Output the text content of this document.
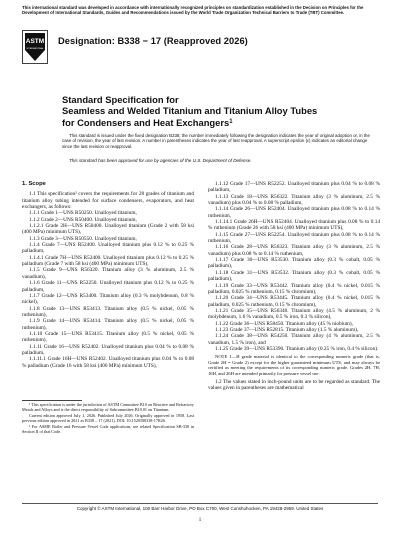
This international standard was developed in accordance with internationally recognized principles on standardization established in the Decision on Principles for the Development of International Standards, Guides and Recommendations issued by the World Trade Organization Technical Barriers to Trade (TBT) Committee.
ASTM
INTERNATIONAL
Designation: B338 − 17 (Reapproved 2026)
Standard Specification for
Seamless and Welded Titanium and Titanium Alloy Tubes
for Condensers and Heat Exchangers$^1$
This standard is issued under the fixed designation B338; the number immediately following the designation indicates the year of original adoption or, in the case of revision, the year of last revision. A number in parentheses indicates the year of last reapproval. A superscript epsilon (ε) indicates an editorial change since the last revision or reapproval.
This standard has been approved for use by agencies of the U.S. Department of Defense.
1. Scope

1.1 This specification² covers the requirements for 28 grades of titanium and titanium alloy tubing intended for surface condensers, evaporators, and heat exchangers, as follows:

1.1.1 Grade 1—UNS R50250. Unalloyed titanium,

1.1.2 Grade 2—UNS R50400. Unalloyed titanium,

1.1.2.1 Grade 2H—UNS R50400. Unalloyed titanium (Grade 2 with 58 ksi (400 MPa) minimum UTS),

1.1.3 Grade 3—UNS R50550. Unalloyed titanium,

1.1.4 Grade 7—UNS R52400. Unalloyed titanium plus 0.12 % to 0.25 % palladium,

1.1.4.1 Grade 7H—UNS R52400. Unalloyed titanium plus 0.12 % to 0.25 % palladium (Grade 7 with 58 ksi (400 MPa) minimum UTS),

1.1.5 Grade 9—UNS R56320. Titanium alloy (3 % aluminum, 2.5 % vanadium),

1.1.6 Grade 11—UNS R52250. Unalloyed titanium plus 0.12 % to 0.25 % palladium,

1.1.7 Grade 12—UNS R53400. Titanium alloy (0.3 % molybdenum, 0.8 % nickel),

1.1.8 Grade 13—UNS R53413. Titanium alloy (0.5 % nickel, 0.05 % ruthenium),

1.1.9 Grade 14—UNS R53414. Titanium alloy (0.5 % nickel, 0.05 % ruthenium),

1.1.10 Grade 15—UNS R53415. Titanium alloy (0.5 % nickel, 0.05 % ruthenium),

1.1.11 Grade 16—UNS R52402. Unalloyed titanium plus 0.04 % to 0.08 % palladium,

1.1.11.1 Grade 16H—UNS R52402. Unalloyed titanium plus 0.04 % to 0.08 % palladium (Grade 16 with 58 ksi (400 MPa) minimum UTS),

1.1.12 Grade 17—UNS R52252. Unalloyed titanium plus 0.04 % to 0.08 % palladium,

1.1.13 Grade 18—UNS R56322. Titanium alloy (3 % aluminum, 2.5 % vanadium) plus 0.04 % to 0.08 % palladium,

1.1.14 Grade 26—UNS R52404. Unalloyed titanium plus 0.08 % to 0.14 % ruthenium,

1.1.14.1 Grade 26H—UNS R52404. Unalloyed titanium plus 0.08 % to 0.14 % ruthenium (Grade 26 with 58 ksi (400 MPa) minimum UTS),

1.1.15 Grade 27—UNS R52254. Unalloyed titanium plus 0.08 % to 0.14 % ruthenium,

1.1.16 Grade 28—UNS R56323. Titanium alloy (3 % aluminum, 2.5 % vanadium) plus 0.08 % to 0.14 % ruthenium,

1.1.17 Grade 30—UNS R53530. Titanium alloy (0.3 % cobalt, 0.05 % palladium),

1.1.18 Grade 31—UNS R53532. Titanium alloy (0.3 % cobalt, 0.05 % palladium),

1.1.19 Grade 33—UNS R53442. Titanium alloy (0.4 % nickel, 0.015 % palladium, 0.025 % ruthenium, 0.15 % chromium),

1.1.20 Grade 34—UNS R53445. Titanium alloy (0.4 % nickel, 0.015 % palladium, 0.025 % ruthenium, 0.15 % chromium),

1.1.21 Grade 35—UNS R56340. Titanium alloy (4.5 % aluminum, 2 % molybdenum, 1.6 % vanadium, 0.5 % iron, 0.3 % silicon),

1.1.22 Grade 36—UNS R58450. Titanium alloy (45 % niobium),

1.1.23 Grade 37—UNS R52815. Titanium alloy (1.5 % aluminum),

1.1.24 Grade 38—UNS R54250. Titanium alloy (4 % aluminum, 2.5 % vanadium, 1.5 % iron), and

1.1.25 Grade 39—UNS R53390. Titanium alloy (0.25 % iron, 0.4 % silicon).

NOTE 1—H grade material is identical to the corresponding numeric grade (that is, Grade 2H = Grade 2) except for the higher guaranteed minimum UTS, and may always be certified as meeting the requirements of its corresponding numeric grade. Grades 2H, 7H, 16H, and 26H are intended primarily for pressure vessel use.

1.2 The values stated in inch-pound units are to be regarded as standard. The values given in parentheses are mathematical

¹ This specification is under the jurisdiction of ASTM Committee B10 on Reactive and Refractory Metals and Alloys and is the direct responsibility of Subcommittee B10.01 on Titanium.

Current edition approved July 1, 2026. Published July 2026. Originally approved in 1958. Last previous edition approved in 2021 as B338 – 17 (2021). DOI: 10.1520/B0338-17R26.

² For ASME Boiler and Pressure Vessel Code applications, see related Specification SB-338 in Section II of that Code.

Copyright © ASTM International, 100 Barr Harbor Drive, PO Box C700, West Conshohocken, PA 19428-2959. United States
1
